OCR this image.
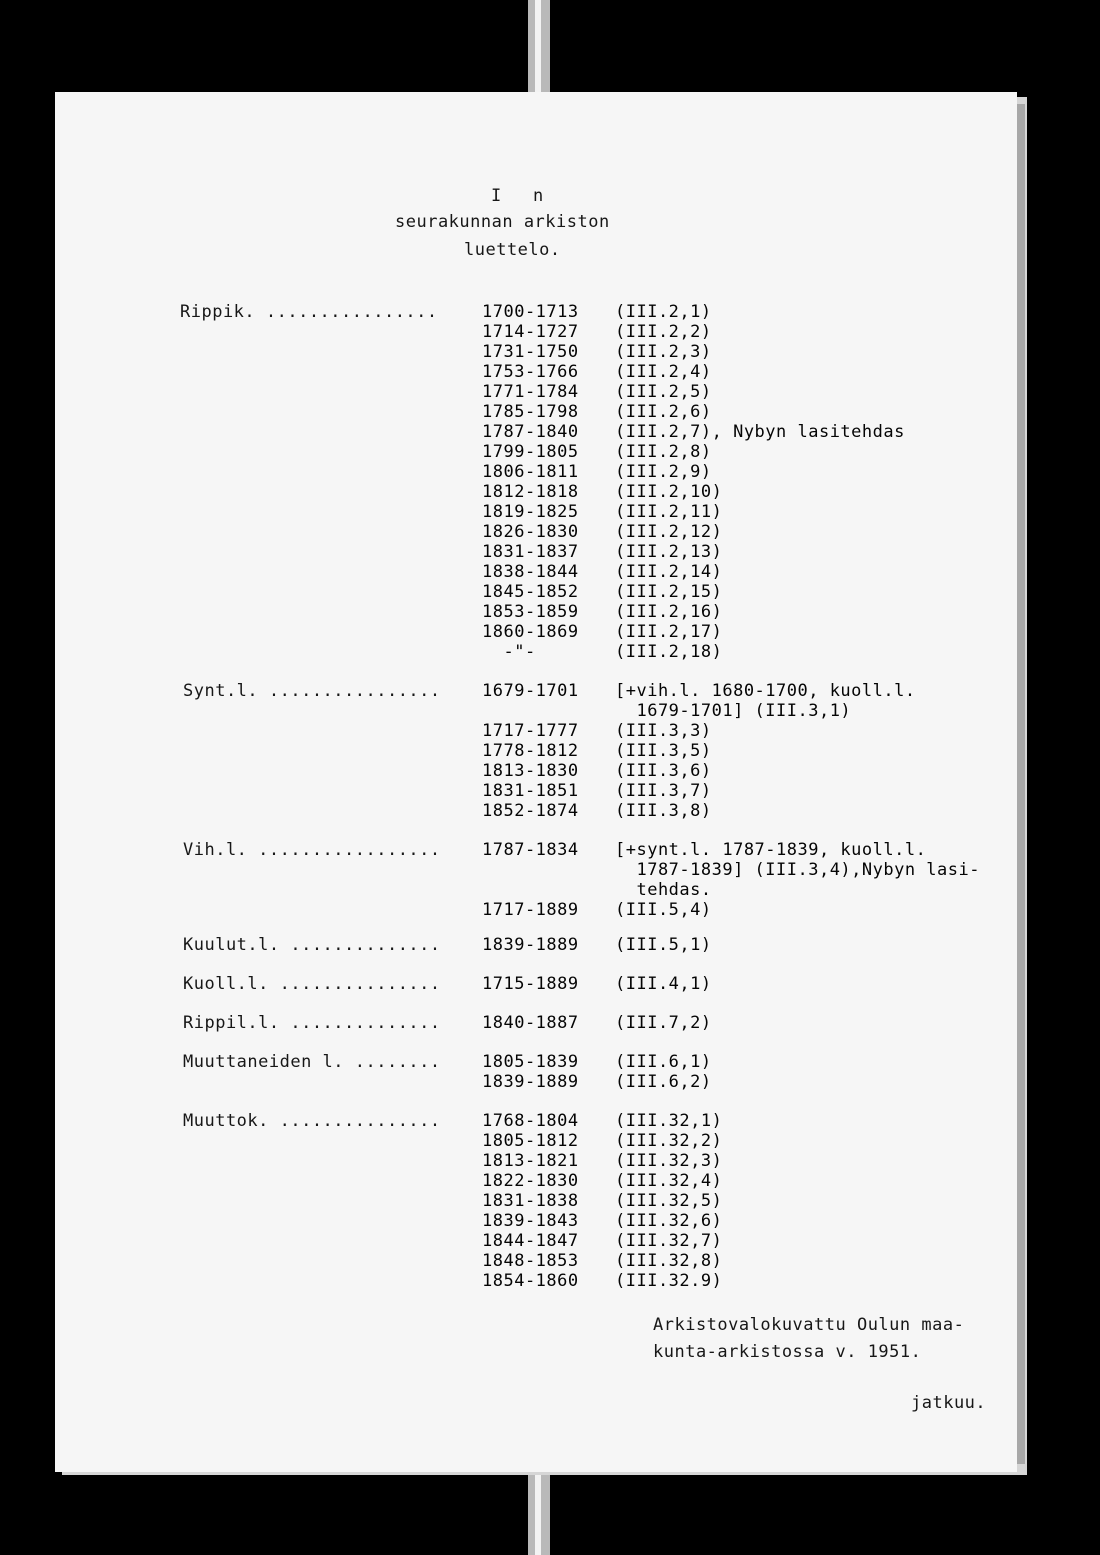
I n
seurakunnan arkiston
luettelo.
Rippik. ................	1700-1713 (III.2,1)
1714-1727 (III.2,2)
1731-1750 (III.2,3)
1753-1766 (III.2,4)
1771-1784 (III.2,5)
1785-1798 (III.2,6)
1787-1840 (III.2,7), Nybyn lasitehdas
1799-1805 (III.2,8)
1806-1811 (III.2,9)
1812-1818 (III.2,10)
1819-1825 (III.2,11)
1826-1830 (III.2,12)
1831-1837 (III.2,13)
1838-1844 (III.2,14)
1845-1852 (III.2,15)
1853-1859 (III.2,16)
1860-1869 (III.2,17)
-"-	(III.2,18)
Synt.l. ................ 1679-1701 [+vih.l. 1680-1700, kuoll.l.
1679-1701] (III.3,1)
1717-1777 (III.3,3)
1778-1812 (III.3,5)
1813-1830 (III.3,6)
1831-1851 (III.3,7)
1852-1874 (III.3,8)
Vih.l. ................. 1787-1834 [+synt.l. 1787-1839, kuoll.l.
1787-1839] (III.3,4),Nybyn lasi-
tehdas.
1717-1889 (III.5,4)
Kuulut.l. .............. 1839-1889 (III.5,1)
Kuoll.l. ............... 1715-1889 (III.4,1)
Rippil.l. .............. 1840-1887 (III.7,2)
Muuttaneiden l. ........ 1805-1839 (III.6,1)
1839-1889 (III.6,2)
Muuttok. ............... 1768-1804 (III.32,1)
1805-1812 (III.32,2)
1813-1821 (III.32,3)
1822-1830 (III.32,4)
1831-1838 (III.32,5)
1839-1843 (III.32,6)
1844-1847 (III.32,7)
1848-1853 (III.32,8)
1854-1860 (III.32.9)
Arkistovalokuvattu Oulun maa-
kunta-arkistossa v. 1951.
jatkuu.
